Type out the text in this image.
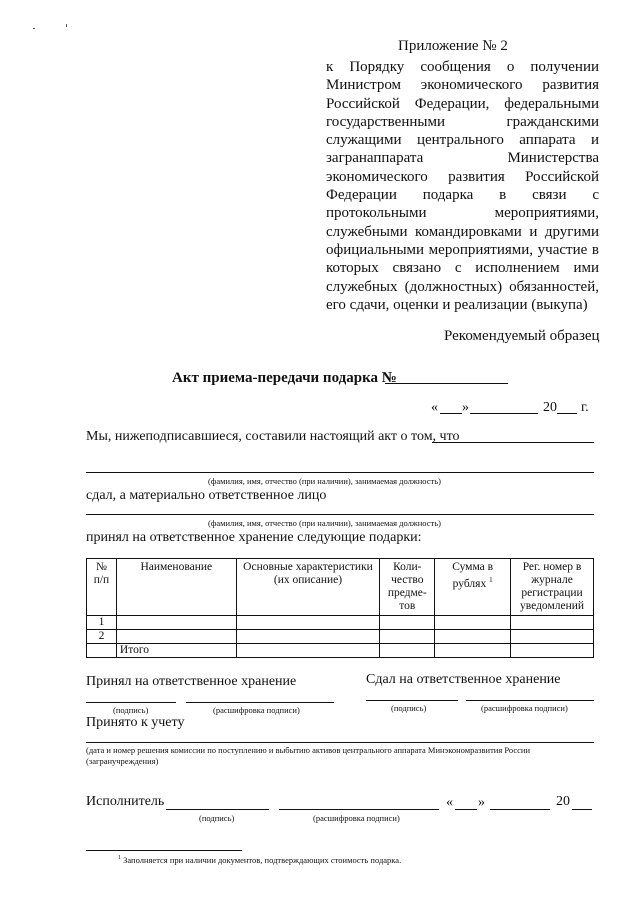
Приложение № 2
к Порядку сообщения о получении Министром экономического развития Российской Федерации, федеральными государственными гражданскими служащими центрального аппарата и загранаппарата Министерства экономического развития Российской Федерации подарка в связи с протокольными мероприятиями, служебными командировками и другими официальными мероприятиями, участие в которых связано с исполнением ими служебных (должностных) обязанностей, его сдачи, оценки и реализации (выкупа)
Рекомендуемый образец
Акт приема-передачи подарка №
« »	20 г.
Мы, нижеподписавшиеся, составили настоящий акт о том, что
(фамилия, имя, отчество (при наличии), занимаемая должность)
сдал, а материально ответственное лицо
(фамилия, имя, отчество (при наличии), занимаемая должность)
принял на ответственное хранение следующие подарки:
№ п/п	Наименование	Основные характеристики (их описание)	Коли-чество предме-тов	Сумма в рублях $^1$	Рег. номер в журнале регистрации уведомлений
1					
2					
	Итого				
Принял на ответственное хранение	Сдал на ответственное хранение
(подпись)	(расшифровка подписи)	(подпись)	(расшифровка подписи)
Принято к учету
(дата и номер решения комиссии по поступлению и выбытию активов центрального аппарата Минэкономразвития России (загранучреждения)
Исполнитель	« »	20
(подпись)	(расшифровка подписи)
$^1$ Заполняется при наличии документов, подтверждающих стоимость подарка.
